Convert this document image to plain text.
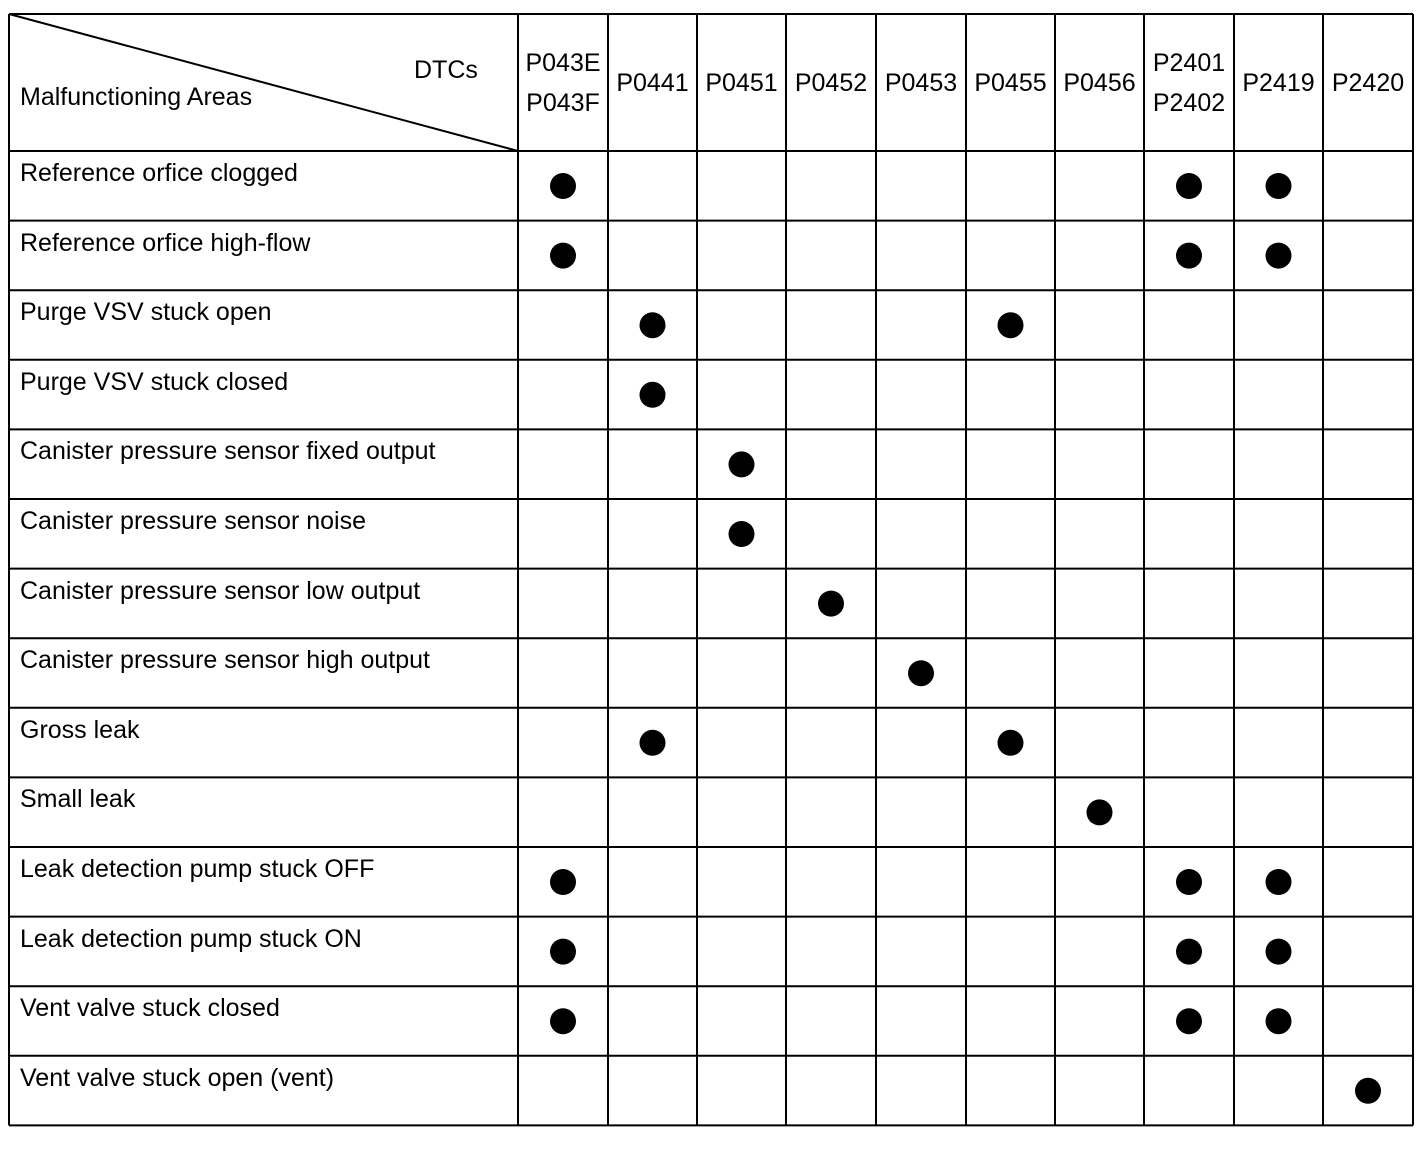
DTCs
Malfunctioning Areas
P043E
P043F
P0441 P0451 P0452 P0453 P0455 P0456
P2401
P2402
P2419 P2420
Reference orfice clogged
Reference orfice high-flow
Purge VSV stuck open
Purge VSV stuck closed
Canister pressure sensor fixed output
Canister pressure sensor noise
Canister pressure sensor low output
Canister pressure sensor high output
Gross leak
Small leak
Leak detection pump stuck OFF
Leak detection pump stuck ON
Vent valve stuck closed
Vent valve stuck open (vent)
